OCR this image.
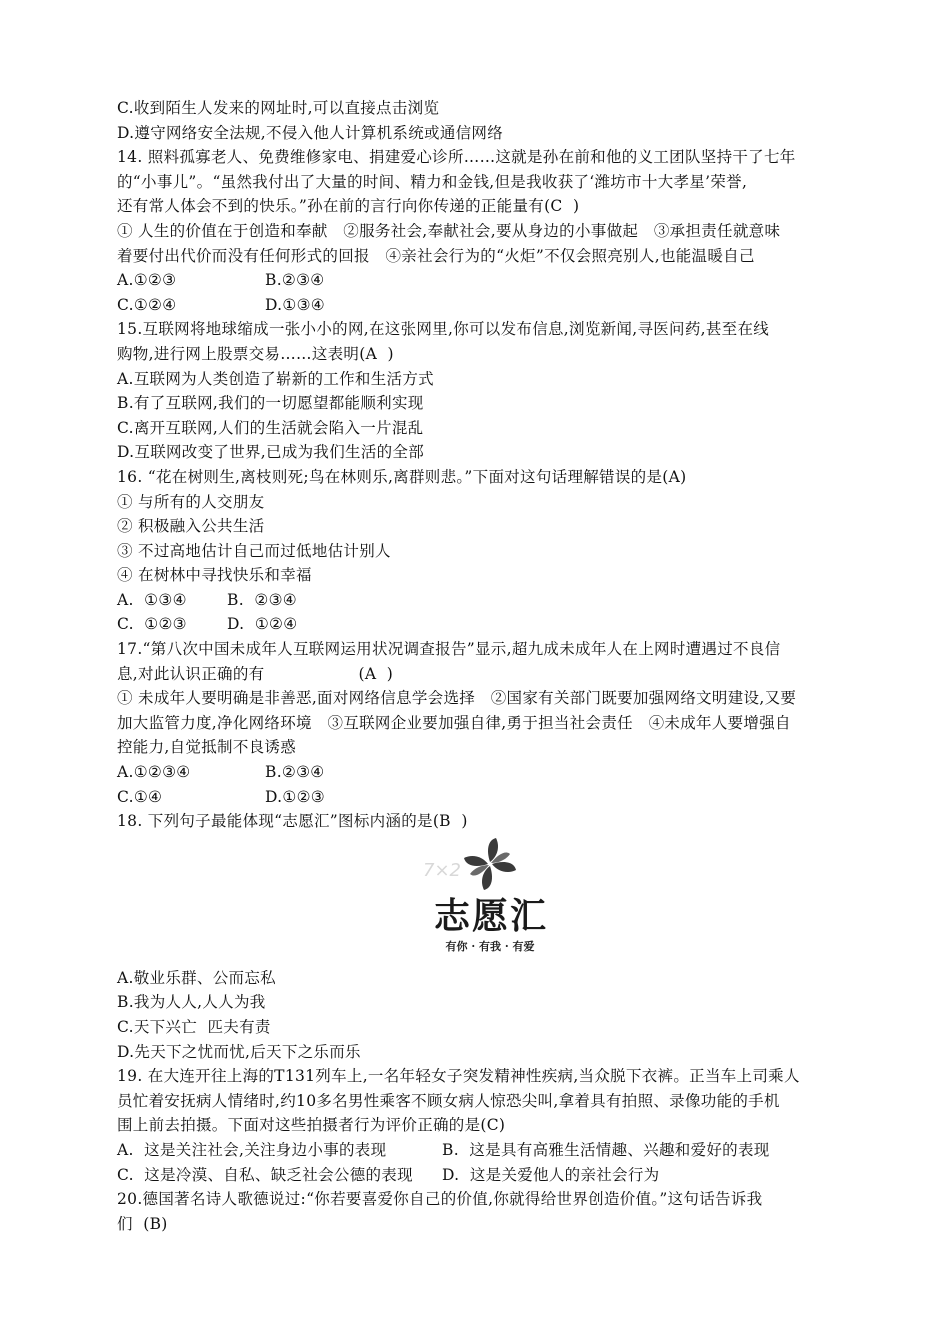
C.收到陌生人发来的网址时,可以直接点击浏览
D.遵守网络安全法规,不侵入他人计算机系统或通信网络
14. 照料孤寡老人、免费维修家电、捐建爱心诊所……这就是孙在前和他的义工团队坚持干了七年
的“小事儿”。“虽然我付出了大量的时间、精力和金钱,但是我收获了‘潍坊市十大孝星’荣誉,
还有常人体会不到的快乐。”孙在前的言行向你传递的正能量有(C  )
① 人生的价值在于创造和奉献   ②服务社会,奉献社会,要从身边的小事做起   ③承担责任就意味
着要付出代价而没有任何形式的回报   ④亲社会行为的“火炬”不仅会照亮别人,也能温暖自己
A.①②③	B.②③④
C.①②④	D.①③④
15.互联网将地球缩成一张小小的网,在这张网里,你可以发布信息,浏览新闻,寻医问药,甚至在线
购物,进行网上股票交易……这表明(A  )
A.互联网为人类创造了崭新的工作和生活方式
B.有了互联网,我们的一切愿望都能顺利实现
C.离开互联网,人们的生活就会陷入一片混乱
D.互联网改变了世界,已成为我们生活的全部
16. “花在树则生,离枝则死;鸟在林则乐,离群则悲。”下面对这句话理解错误的是(A)
① 与所有的人交朋友
② 积极融入公共生活
③ 不过高地估计自己而过低地估计别人
④ 在树林中寻找快乐和幸福
A.  ①③④	B.  ②③④
C.  ①②③	D.  ①②④
17.“第八次中国未成年人互联网运用状况调查报告”显示,超九成未成年人在上网时遭遇过不良信
息,对此认识正确的有                  (A  )
① 未成年人要明确是非善恶,面对网络信息学会选择   ②国家有关部门既要加强网络文明建设,又要
加大监管力度,净化网络环境   ③互联网企业要加强自律,勇于担当社会责任   ④未成年人要增强自
控能力,自觉抵制不良诱惑
A.①②③④	B.②③④
C.①④	D.①②③
18. 下列句子最能体现“志愿汇”图标内涵的是(B  )
7×2
志愿汇
有你 · 有我 · 有爱
A.敬业乐群、公而忘私
B.我为人人,人人为我
C.天下兴亡  匹夫有责
D.先天下之忧而忧,后天下之乐而乐
19. 在大连开往上海的T131列车上,一名年轻女子突发精神性疾病,当众脱下衣裤。正当车上司乘人
员忙着安抚病人情绪时,约10多名男性乘客不顾女病人惊恐尖叫,拿着具有拍照、录像功能的手机
围上前去拍摄。下面对这些拍摄者行为评价正确的是(C)
A.  这是关注社会,关注身边小事的表现	B.  这是具有高雅生活情趣、兴趣和爱好的表现
C.  这是冷漠、自私、缺乏社会公德的表现	D.  这是关爱他人的亲社会行为
20.德国著名诗人歌德说过:“你若要喜爱你自己的价值,你就得给世界创造价值。”这句话告诉我
们  (B)
